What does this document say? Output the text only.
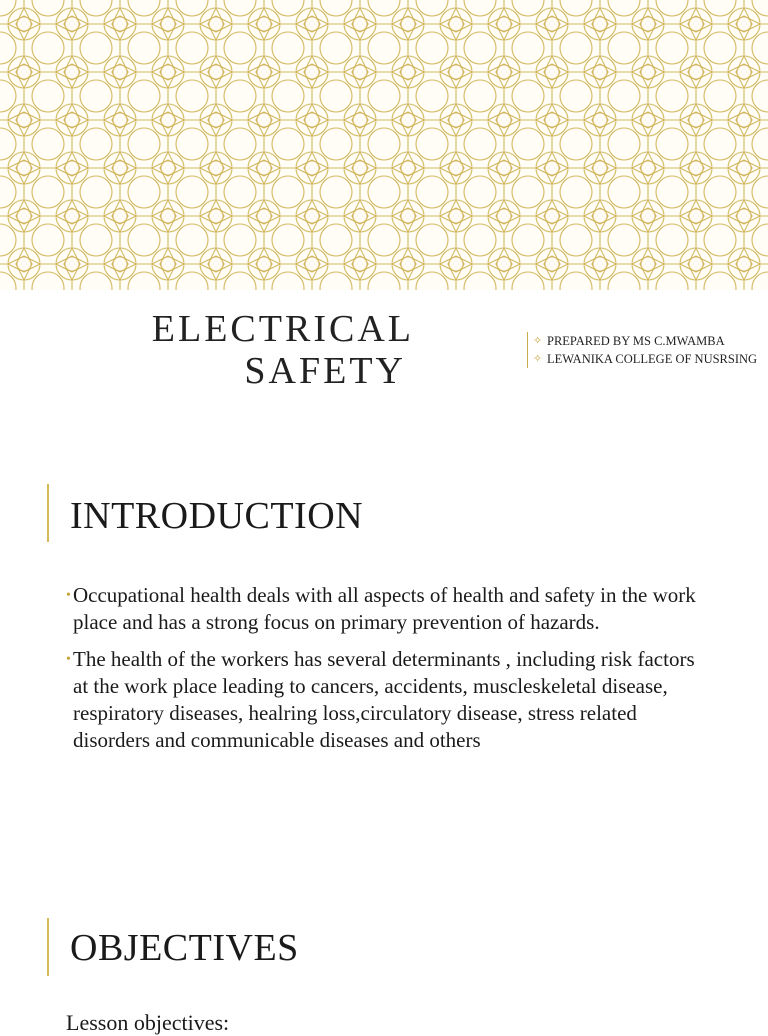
ELECTRICAL
SAFETY
✧ PREPARED BY MS C.MWAMBA
✧ LEWANIKA COLLEGE OF NUSRSING
INTRODUCTION
• Occupational health deals with all aspects of health and safety in the work place and has a strong focus on primary prevention of hazards.
• The health of the workers has several determinants , including risk factors at the work place leading to cancers, accidents, muscleskeletal disease, respiratory diseases, healring loss,circulatory disease, stress related disorders and communicable diseases and others
OBJECTIVES
Lesson objectives:
